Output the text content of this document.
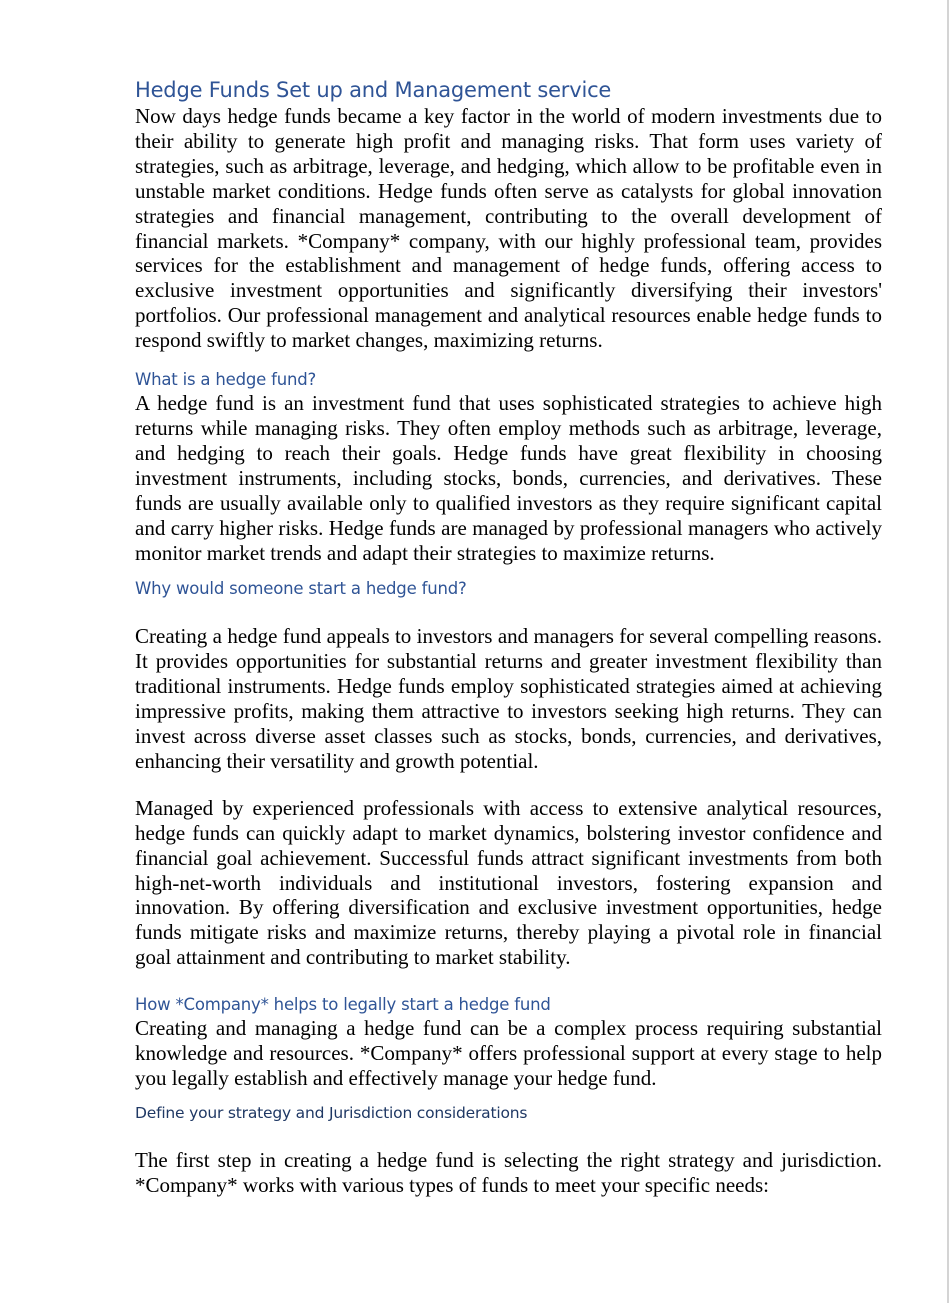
Hedge Funds Set up and Management service

Now days hedge funds became a key factor in the world of modern investments due to their ability to generate high profit and managing risks. That form uses variety of strategies, such as arbitrage, leverage, and hedging, which allow to be profitable even in unstable market conditions. Hedge funds often serve as catalysts for global innovation strategies and financial management, contributing to the overall development of financial markets. *Company* company, with our highly professional team, provides services for the establishment and management of hedge funds, offering access to exclusive investment opportunities and significantly diversifying their investors' portfolios. Our professional management and analytical resources enable hedge funds to respond swiftly to market changes, maximizing returns.

What is a hedge fund?

A hedge fund is an investment fund that uses sophisticated strategies to achieve high returns while managing risks. They often employ methods such as arbitrage, leverage, and hedging to reach their goals. Hedge funds have great flexibility in choosing investment instruments, including stocks, bonds, currencies, and derivatives. These funds are usually available only to qualified investors as they require significant capital and carry higher risks. Hedge funds are managed by professional managers who actively monitor market trends and adapt their strategies to maximize returns.

Why would someone start a hedge fund?

Creating a hedge fund appeals to investors and managers for several compelling reasons. It provides opportunities for substantial returns and greater investment flexibility than traditional instruments. Hedge funds employ sophisticated strategies aimed at achieving impressive profits, making them attractive to investors seeking high returns. They can invest across diverse asset classes such as stocks, bonds, currencies, and derivatives, enhancing their versatility and growth potential.

Managed by experienced professionals with access to extensive analytical resources, hedge funds can quickly adapt to market dynamics, bolstering investor confidence and financial goal achievement. Successful funds attract significant investments from both high-net-worth individuals and institutional investors, fostering expansion and innovation. By offering diversification and exclusive investment opportunities, hedge funds mitigate risks and maximize returns, thereby playing a pivotal role in financial goal attainment and contributing to market stability.

How *Company* helps to legally start a hedge fund

Creating and managing a hedge fund can be a complex process requiring substantial knowledge and resources. *Company* offers professional support at every stage to help you legally establish and effectively manage your hedge fund.

Define your strategy and Jurisdiction considerations

The first step in creating a hedge fund is selecting the right strategy and jurisdiction. *Company* works with various types of funds to meet your specific needs:
